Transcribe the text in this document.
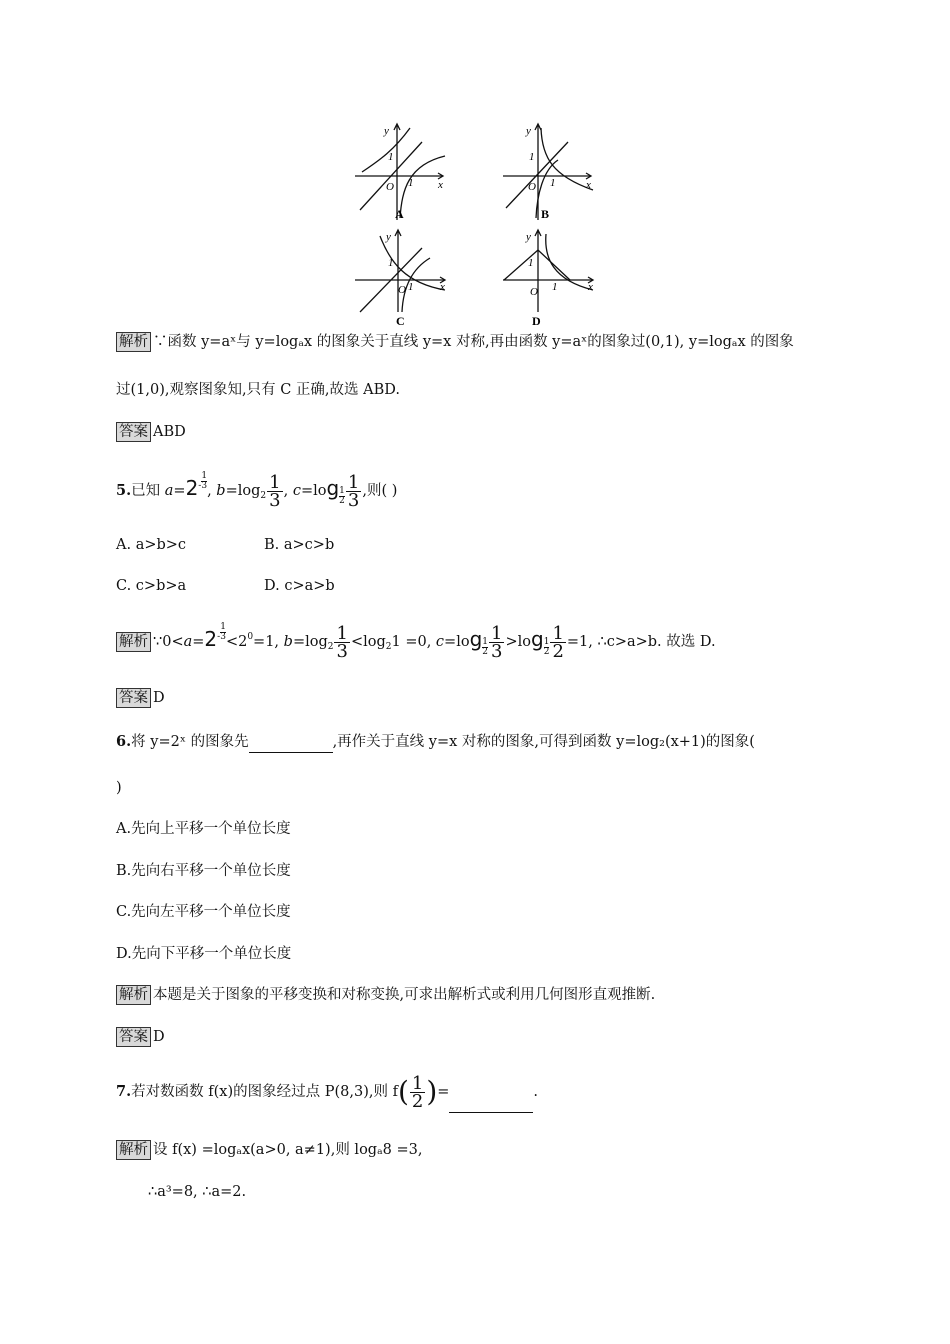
y
x
O
1
1
A
y
x
O
1
1
B
y
x
O
1
1
C
y
x
O
1
1
D
解析 ∵函数 y=aˣ与 y=logₐx 的图象关于直线 y=x 对称,再由函数 y=aˣ的图象过(0,1), y=logₐx 的图象
过(1,0),观察图象知,只有 C 正确,故选 ABD.
答案 ABD
5.已知 $a=2^{- \frac{1}{3}}$, $b=\log_2 \frac{1}{3}$ , $c=\log \frac{1}{2} \frac{1}{3}$ ,则( )
A. a>b>c	B. a>c>b
C. c>b>a	D. c>a>b
解析 $\because 0<a=2^{- \frac{1}{3}}<2^0=1$, $b=\log_2 \frac{1}{3} <\log_21 =0$, $c=\log \frac{1}{2} \frac{1}{3} >\log \frac{1}{2} \frac{1}{2} =1$, ∴c>a>b. 故选 D.
答案 D
6.将 y=2ˣ 的图象先	,再作关于直线 y=x 对称的图象,可得到函数 y=log₂(x+1)的图象(
)
A.先向上平移一个单位长度
B.先向右平移一个单位长度
C.先向左平移一个单位长度
D.先向下平移一个单位长度
解析 本题是关于图象的平移变换和对称变换,可求出解析式或利用几何图形直观推断.
答案 D
7.若对数函数 f(x)的图象经过点 P(8,3),则 $f( \frac{1}{2}$ )=	.
解析 设 f(x) =logₐx(a>0, a≠1),则 logₐ8 =3,
∴a³=8, ∴a=2.
